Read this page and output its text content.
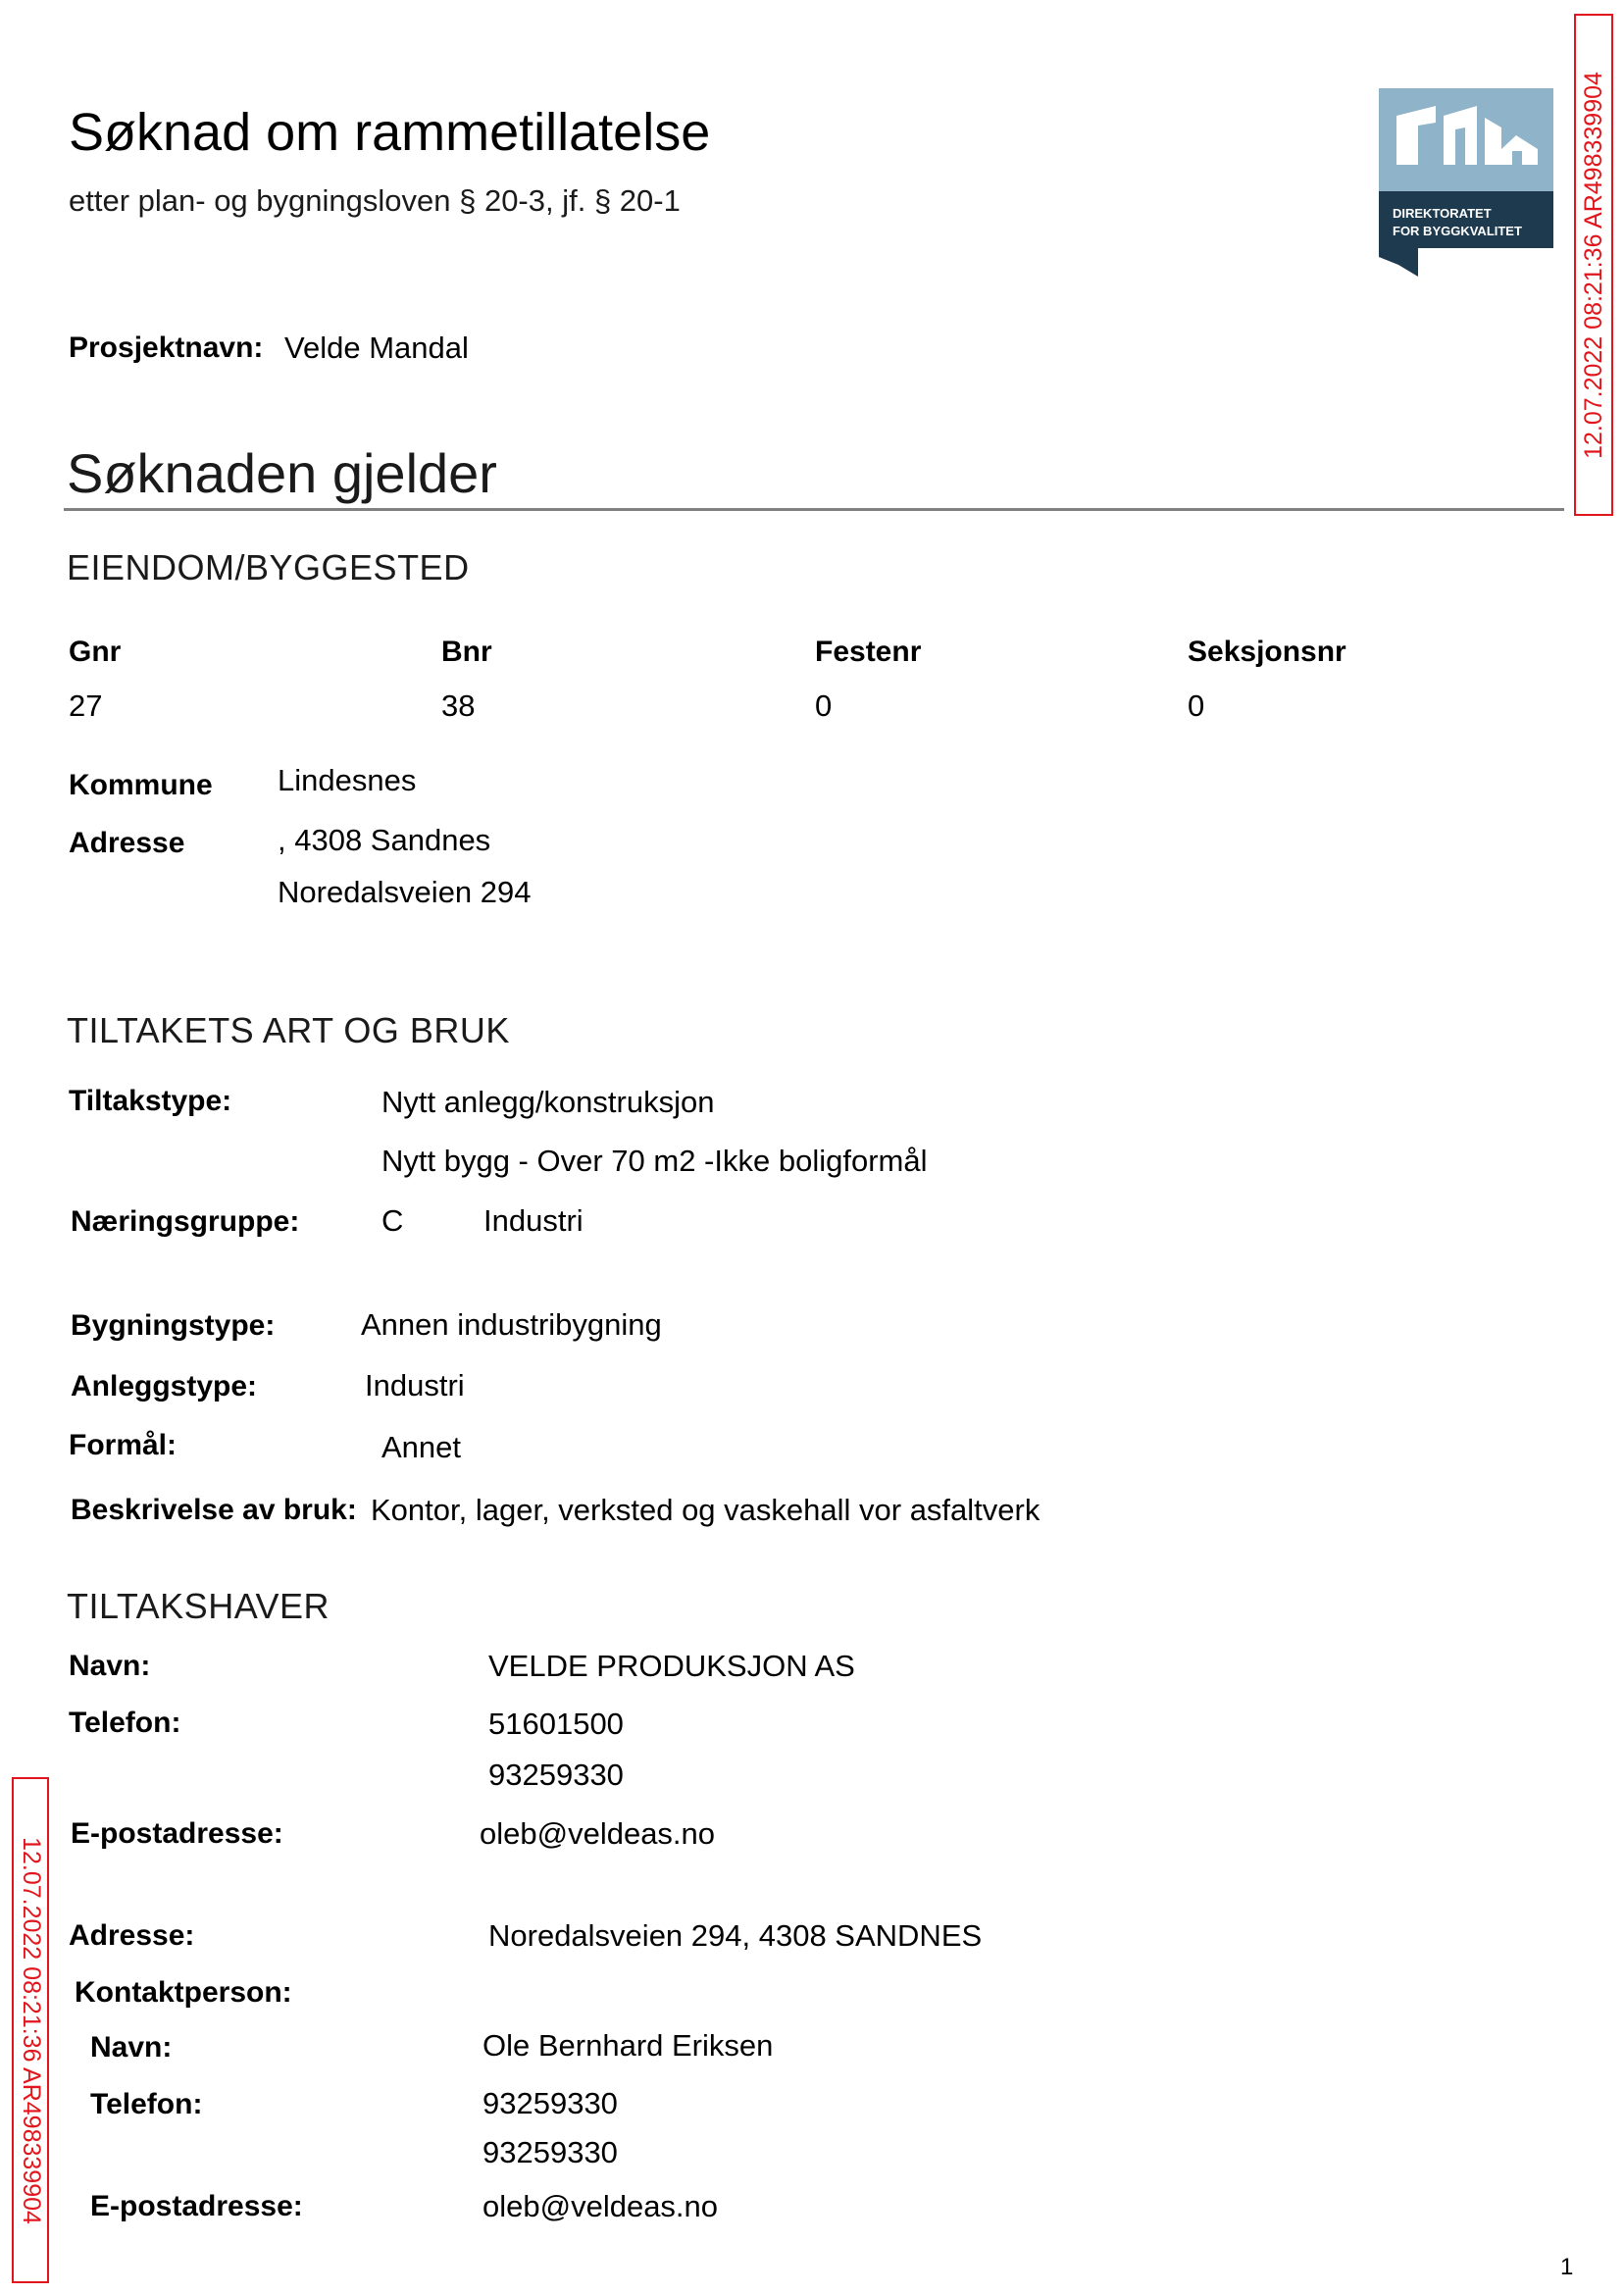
Søknad om rammetillatelse
etter plan- og bygningsloven § 20-3, jf. § 20-1	DIREKTORATET
FOR BYGGKVALITET 12.07.2022 08:21:36 AR498339904
Prosjektnavn: Velde Mandal
Søknaden gjelder
EIENDOM/BYGGESTED
Gnr	Bnr	Festenr	Seksjonsnr
27	38	0	0
Kommune Lindesnes
Adresse	, 4308 Sandnes
Noredalsveien 294
TILTAKETS ART OG BRUK
Tiltakstype:	Nytt anlegg/konstruksjon
Nytt bygg - Over 70 m2 -Ikke boligformål
Næringsgruppe:	C	Industri
Bygningstype:	Annen industribygning
Anleggstype:	Industri
Formål:	Annet
Beskrivelse av bruk: Kontor, lager, verksted og vaskehall vor asfaltverk
TILTAKSHAVER
Navn:	VELDE PRODUKSJON AS
Telefon:	51601500
93259330
E-postadresse:	oleb@veldeas.no
Adresse:	Noredalsveien 294, 4308 SANDNES
Kontaktperson:
Navn:	Ole Bernhard Eriksen
Telefon:	93259330
93259330
E-postadresse:	oleb@veldeas.no
12.07.2022 08:21:36 AR498339904
1
